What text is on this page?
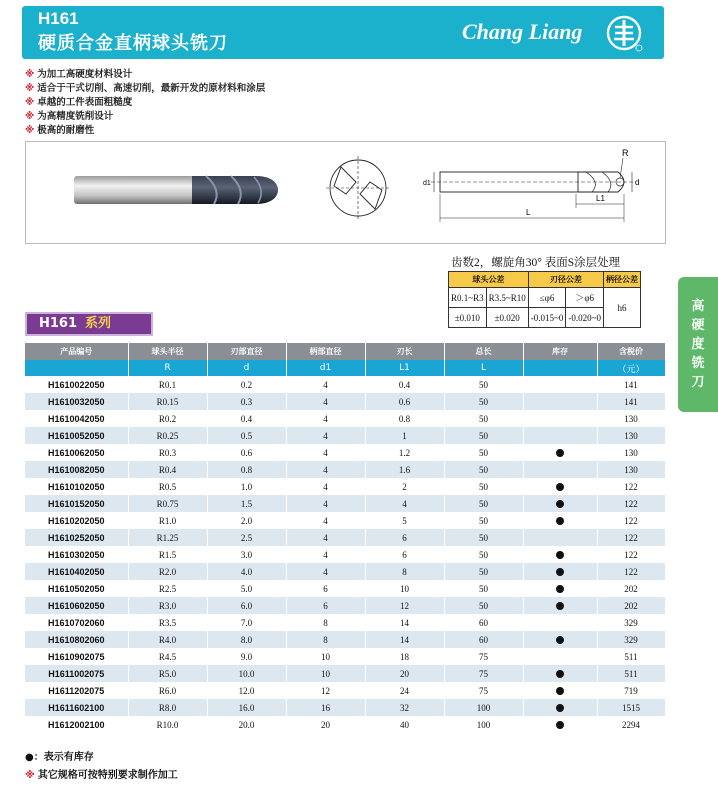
H161
硬质合金直柄球头铣刀	Chang Liang
※ 为加工高硬度材料设计
※ 适合于干式切削、高速切削，最新开发的原材料和涂层
※ 卓越的工件表面粗糙度
※ 为高精度铣削设计
※ 极高的耐磨性
R
d
d1
L1
L
齿数2，螺旋角30° 表面S涂层处理
球头公差		刃径公差		柄径公差
R0.1~R3	R3.5~R10	≤φ6	＞φ6	h6
±0.010	±0.020	-0.015~0	-0.020~0	
高
硬
度
铣
刀
H161 系列
产品编号	球头半径	刃部直径	柄部直径	刃长	总长	库存	含税价
	R	d	d1	L1	L		（元）
H1610022050	R0.1	0.2	4	0.4	50		141
H1610032050	R0.15	0.3	4	0.6	50		141
H1610042050	R0.2	0.4	4	0.8	50		130
H1610052050	R0.25	0.5	4	1	50		130
H1610062050	R0.3	0.6	4	1.2	50		130
H1610082050	R0.4	0.8	4	1.6	50		130
H1610102050	R0.5	1.0	4	2	50		122
H1610152050	R0.75	1.5	4	4	50		122
H1610202050	R1.0	2.0	4	5	50		122
H1610252050	R1.25	2.5	4	6	50		122
H1610302050	R1.5	3.0	4	6	50		122
H1610402050	R2.0	4.0	4	8	50		122
H1610502050	R2.5	5.0	6	10	50		202
H1610602050	R3.0	6.0	6	12	50		202
H1610702060	R3.5	7.0	8	14	60		329
H1610802060	R4.0	8.0	8	14	60		329
H1610902075	R4.5	9.0	10	18	75		511
H1611002075	R5.0	10.0	10	20	75		511
H1611202075	R6.0	12.0	12	24	75		719
H1611602100	R8.0	16.0	16	32	100		1515
H1612002100	R10.0	20.0	20	40	100		2294
●：表示有库存
※ 其它规格可按特别要求制作加工
